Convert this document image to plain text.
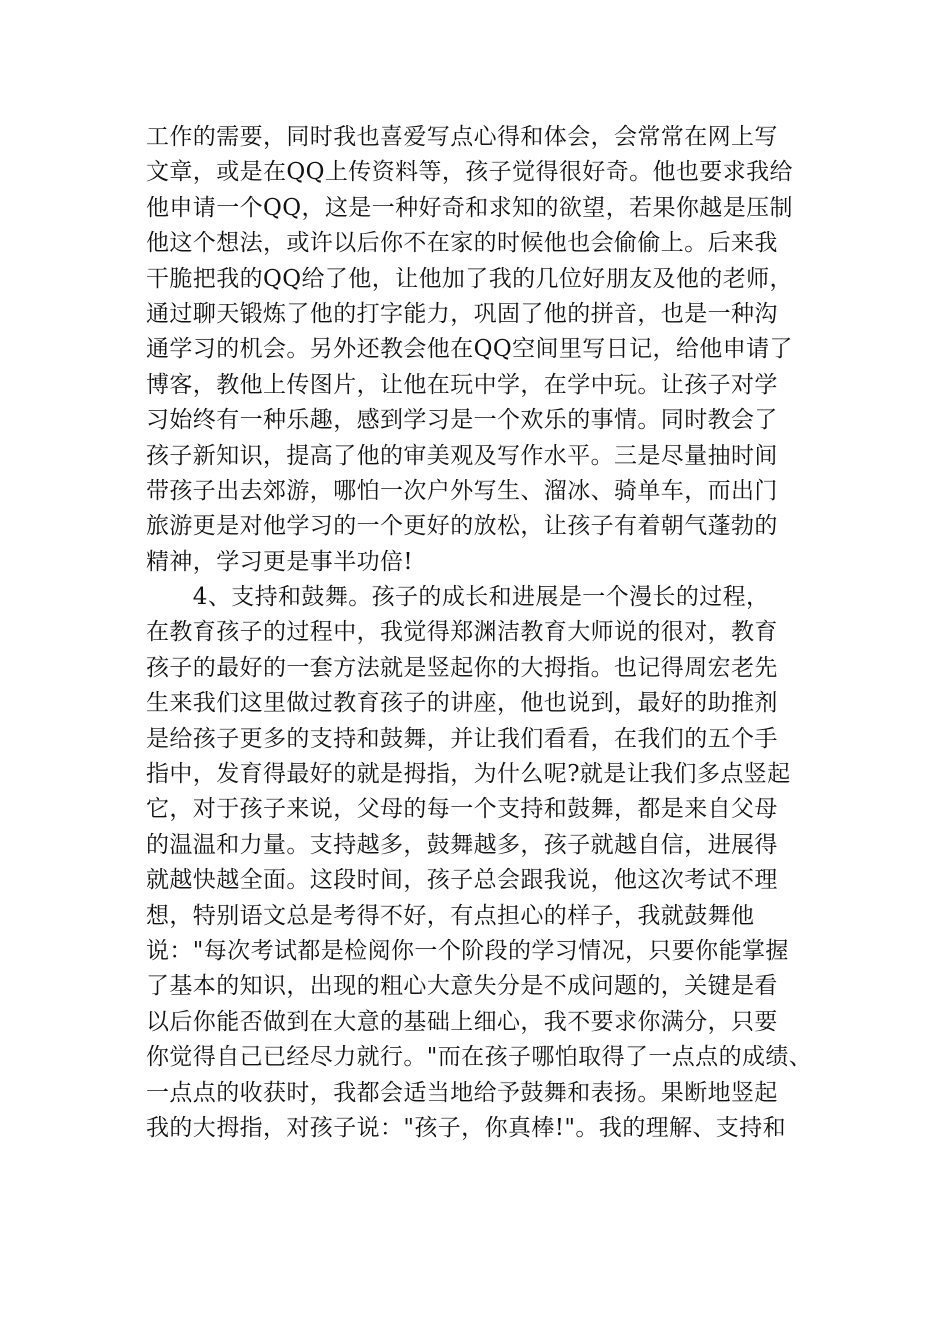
工作的需要，同时我也喜爱写点心得和体会，会常常在网上写
文章，或是在QQ上传资料等，孩子觉得很好奇。他也要求我给
他申请一个QQ，这是一种好奇和求知的欲望，若果你越是压制
他这个想法，或许以后你不在家的时候他也会偷偷上。后来我
干脆把我的QQ给了他，让他加了我的几位好朋友及他的老师，
通过聊天锻炼了他的打字能力，巩固了他的拼音，也是一种沟
通学习的机会。另外还教会他在QQ空间里写日记，给他申请了
博客，教他上传图片，让他在玩中学，在学中玩。让孩子对学
习始终有一种乐趣，感到学习是一个欢乐的事情。同时教会了
孩子新知识，提高了他的审美观及写作水平。三是尽量抽时间
带孩子出去郊游，哪怕一次户外写生、溜冰、骑单车，而出门
旅游更是对他学习的一个更好的放松，让孩子有着朝气蓬勃的
精神，学习更是事半功倍!
　　4、支持和鼓舞。孩子的成长和进展是一个漫长的过程，
在教育孩子的过程中，我觉得郑渊洁教育大师说的很对，教育
孩子的最好的一套方法就是竖起你的大拇指。也记得周宏老先
生来我们这里做过教育孩子的讲座，他也说到，最好的助推剂
是给孩子更多的支持和鼓舞，并让我们看看，在我们的五个手
指中，发育得最好的就是拇指，为什么呢?就是让我们多点竖起
它，对于孩子来说，父母的每一个支持和鼓舞，都是来自父母
的温温和力量。支持越多，鼓舞越多，孩子就越自信，进展得
就越快越全面。这段时间，孩子总会跟我说，他这次考试不理
想，特别语文总是考得不好，有点担心的样子，我就鼓舞他
说："每次考试都是检阅你一个阶段的学习情况，只要你能掌握
了基本的知识，出现的粗心大意失分是不成问题的，关键是看
以后你能否做到在大意的基础上细心，我不要求你满分，只要
你觉得自己已经尽力就行。"而在孩子哪怕取得了一点点的成绩、
一点点的收获时，我都会适当地给予鼓舞和表扬。果断地竖起
我的大拇指，对孩子说："孩子，你真棒!"。我的理解、支持和
